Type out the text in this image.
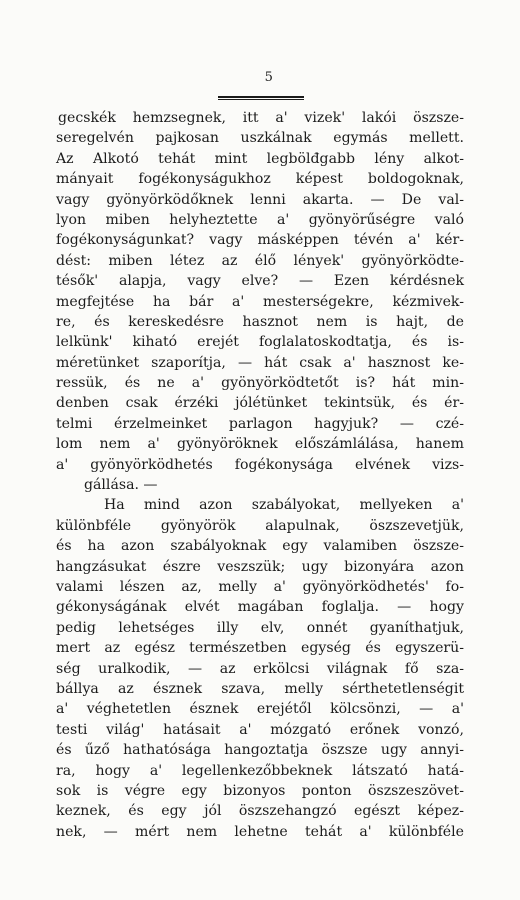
5
gecskék hemzsegnek, itt a' vizek' lakói öszsze-
seregelvén pajkosan uszkálnak egymás mellett.
Az Alkotó tehát mint legbölđgabb lény alkot-
mányait fogékonyságukhoz képest boldogoknak,
vagy gyönyörködőknek lenni akarta. — De val-
lyon miben helyheztette a' gyönyörűségre való
fogékonyságunkat? vagy másképpen tévén a' kér-
dést: miben létez az élő lények' gyönyörködte-
tésők' alapja, vagy elve? — Ezen kérdésnek
megfejtése ha bár a' mesterségekre, kézmivek-
re, és kereskedésre hasznot nem is hajt, de
lelkünk' kiható erejét foglalatoskodtatja, és is-
méretünket szaporítja, — hát csak a' hasznost ke-
ressük, és ne a' gyönyörködtetőt is? hát min-
denben csak érzéki jólétünket tekintsük, és ér-
telmi érzelmeinket parlagon hagyjuk? — czé-
lom nem a' gyönyöröknek előszámlálása, hanem
a' gyönyörködhetés fogékonysága elvének vizs-
gállása. —
Ha mind azon szabályokat, mellyeken a'
különbféle gyönyörök alapulnak, öszszevetjük,
és ha azon szabályoknak egy valamiben öszsze-
hangzásukat észre veszszük; ugy bizonyára azon
valami lészen az, melly a' gyönyörködhetés' fo-
gékonyságának elvét magában foglalja. — hogy
pedig lehetséges illy elv, onnét gyaníthatjuk,
mert az egész természetben egység és egyszerü-
ség uralkodik, — az erkölcsi világnak fő sza-
bállya az észnek szava, melly sérthetetlenségit
a' véghetetlen észnek erejétől kölcsönzi, — a'
testi világ' hatásait a' mózgató erőnek vonzó,
és űző hathatósága hangoztatja öszsze ugy annyi-
ra, hogy a' legellenkezőbbeknek látszató hatá-
sok is végre egy bizonyos ponton öszszeszövet-
keznek, és egy jól öszszehangzó egészt képez-
nek, — mért nem lehetne tehát a' különbféle
